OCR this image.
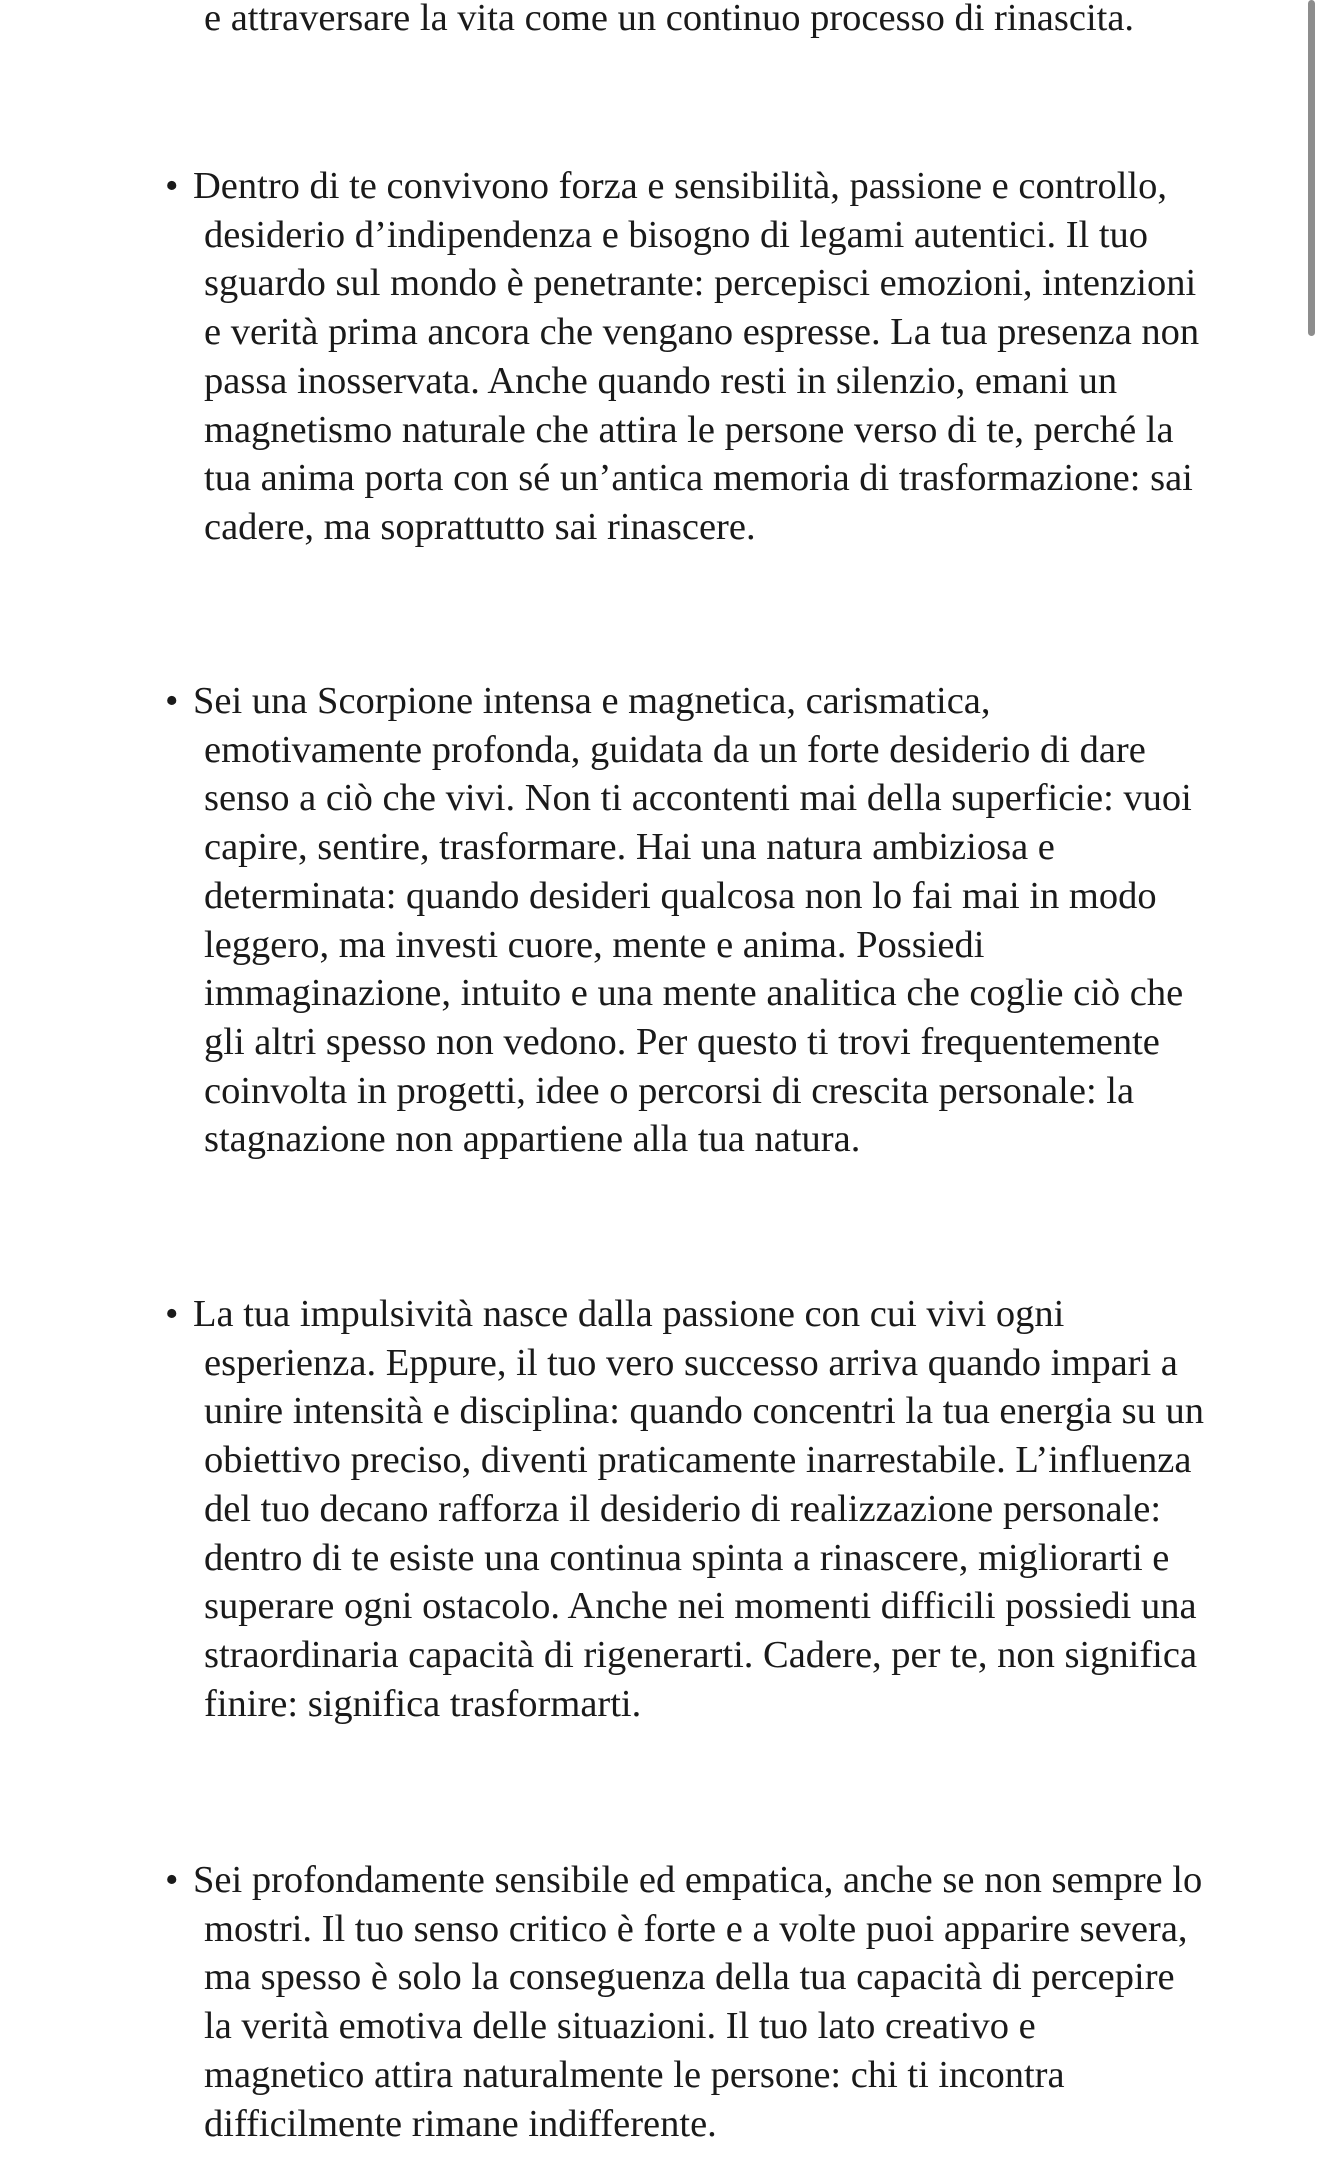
e attraversare la vita come un continuo processo di rinascita.

• Dentro di te convivono forza e sensibilità, passione e controllo, desiderio d’indipendenza e bisogno di legami autentici. Il tuo sguardo sul mondo è penetrante: percepisci emozioni, intenzioni e verità prima ancora che vengano espresse. La tua presenza non passa inosservata. Anche quando resti in silenzio, emani un magnetismo naturale che attira le persone verso di te, perché la tua anima porta con sé un’antica memoria di trasformazione: sai cadere, ma soprattutto sai rinascere.
• Sei una Scorpione intensa e magnetica, carismatica, emotivamente profonda, guidata da un forte desiderio di dare senso a ciò che vivi. Non ti accontenti mai della superficie: vuoi capire, sentire, trasformare. Hai una natura ambiziosa e determinata: quando desideri qualcosa non lo fai mai in modo leggero, ma investi cuore, mente e anima. Possiedi immaginazione, intuito e una mente analitica che coglie ciò che gli altri spesso non vedono. Per questo ti trovi frequentemente coinvolta in progetti, idee o percorsi di crescita personale: la stagnazione non appartiene alla tua natura.
• La tua impulsività nasce dalla passione con cui vivi ogni esperienza. Eppure, il tuo vero successo arriva quando impari a unire intensità e disciplina: quando concentri la tua energia su un obiettivo preciso, diventi praticamente inarrestabile. L’influenza del tuo decano rafforza il desiderio di realizzazione personale: dentro di te esiste una continua spinta a rinascere, migliorarti e superare ogni ostacolo. Anche nei momenti difficili possiedi una straordinaria capacità di rigenerarti. Cadere, per te, non significa finire: significa trasformarti.
• Sei profondamente sensibile ed empatica, anche se non sempre lo mostri. Il tuo senso critico è forte e a volte puoi apparire severa, ma spesso è solo la conseguenza della tua capacità di percepire la verità emotiva delle situazioni. Il tuo lato creativo e magnetico attira naturalmente le persone: chi ti incontra difficilmente rimane indifferente.
